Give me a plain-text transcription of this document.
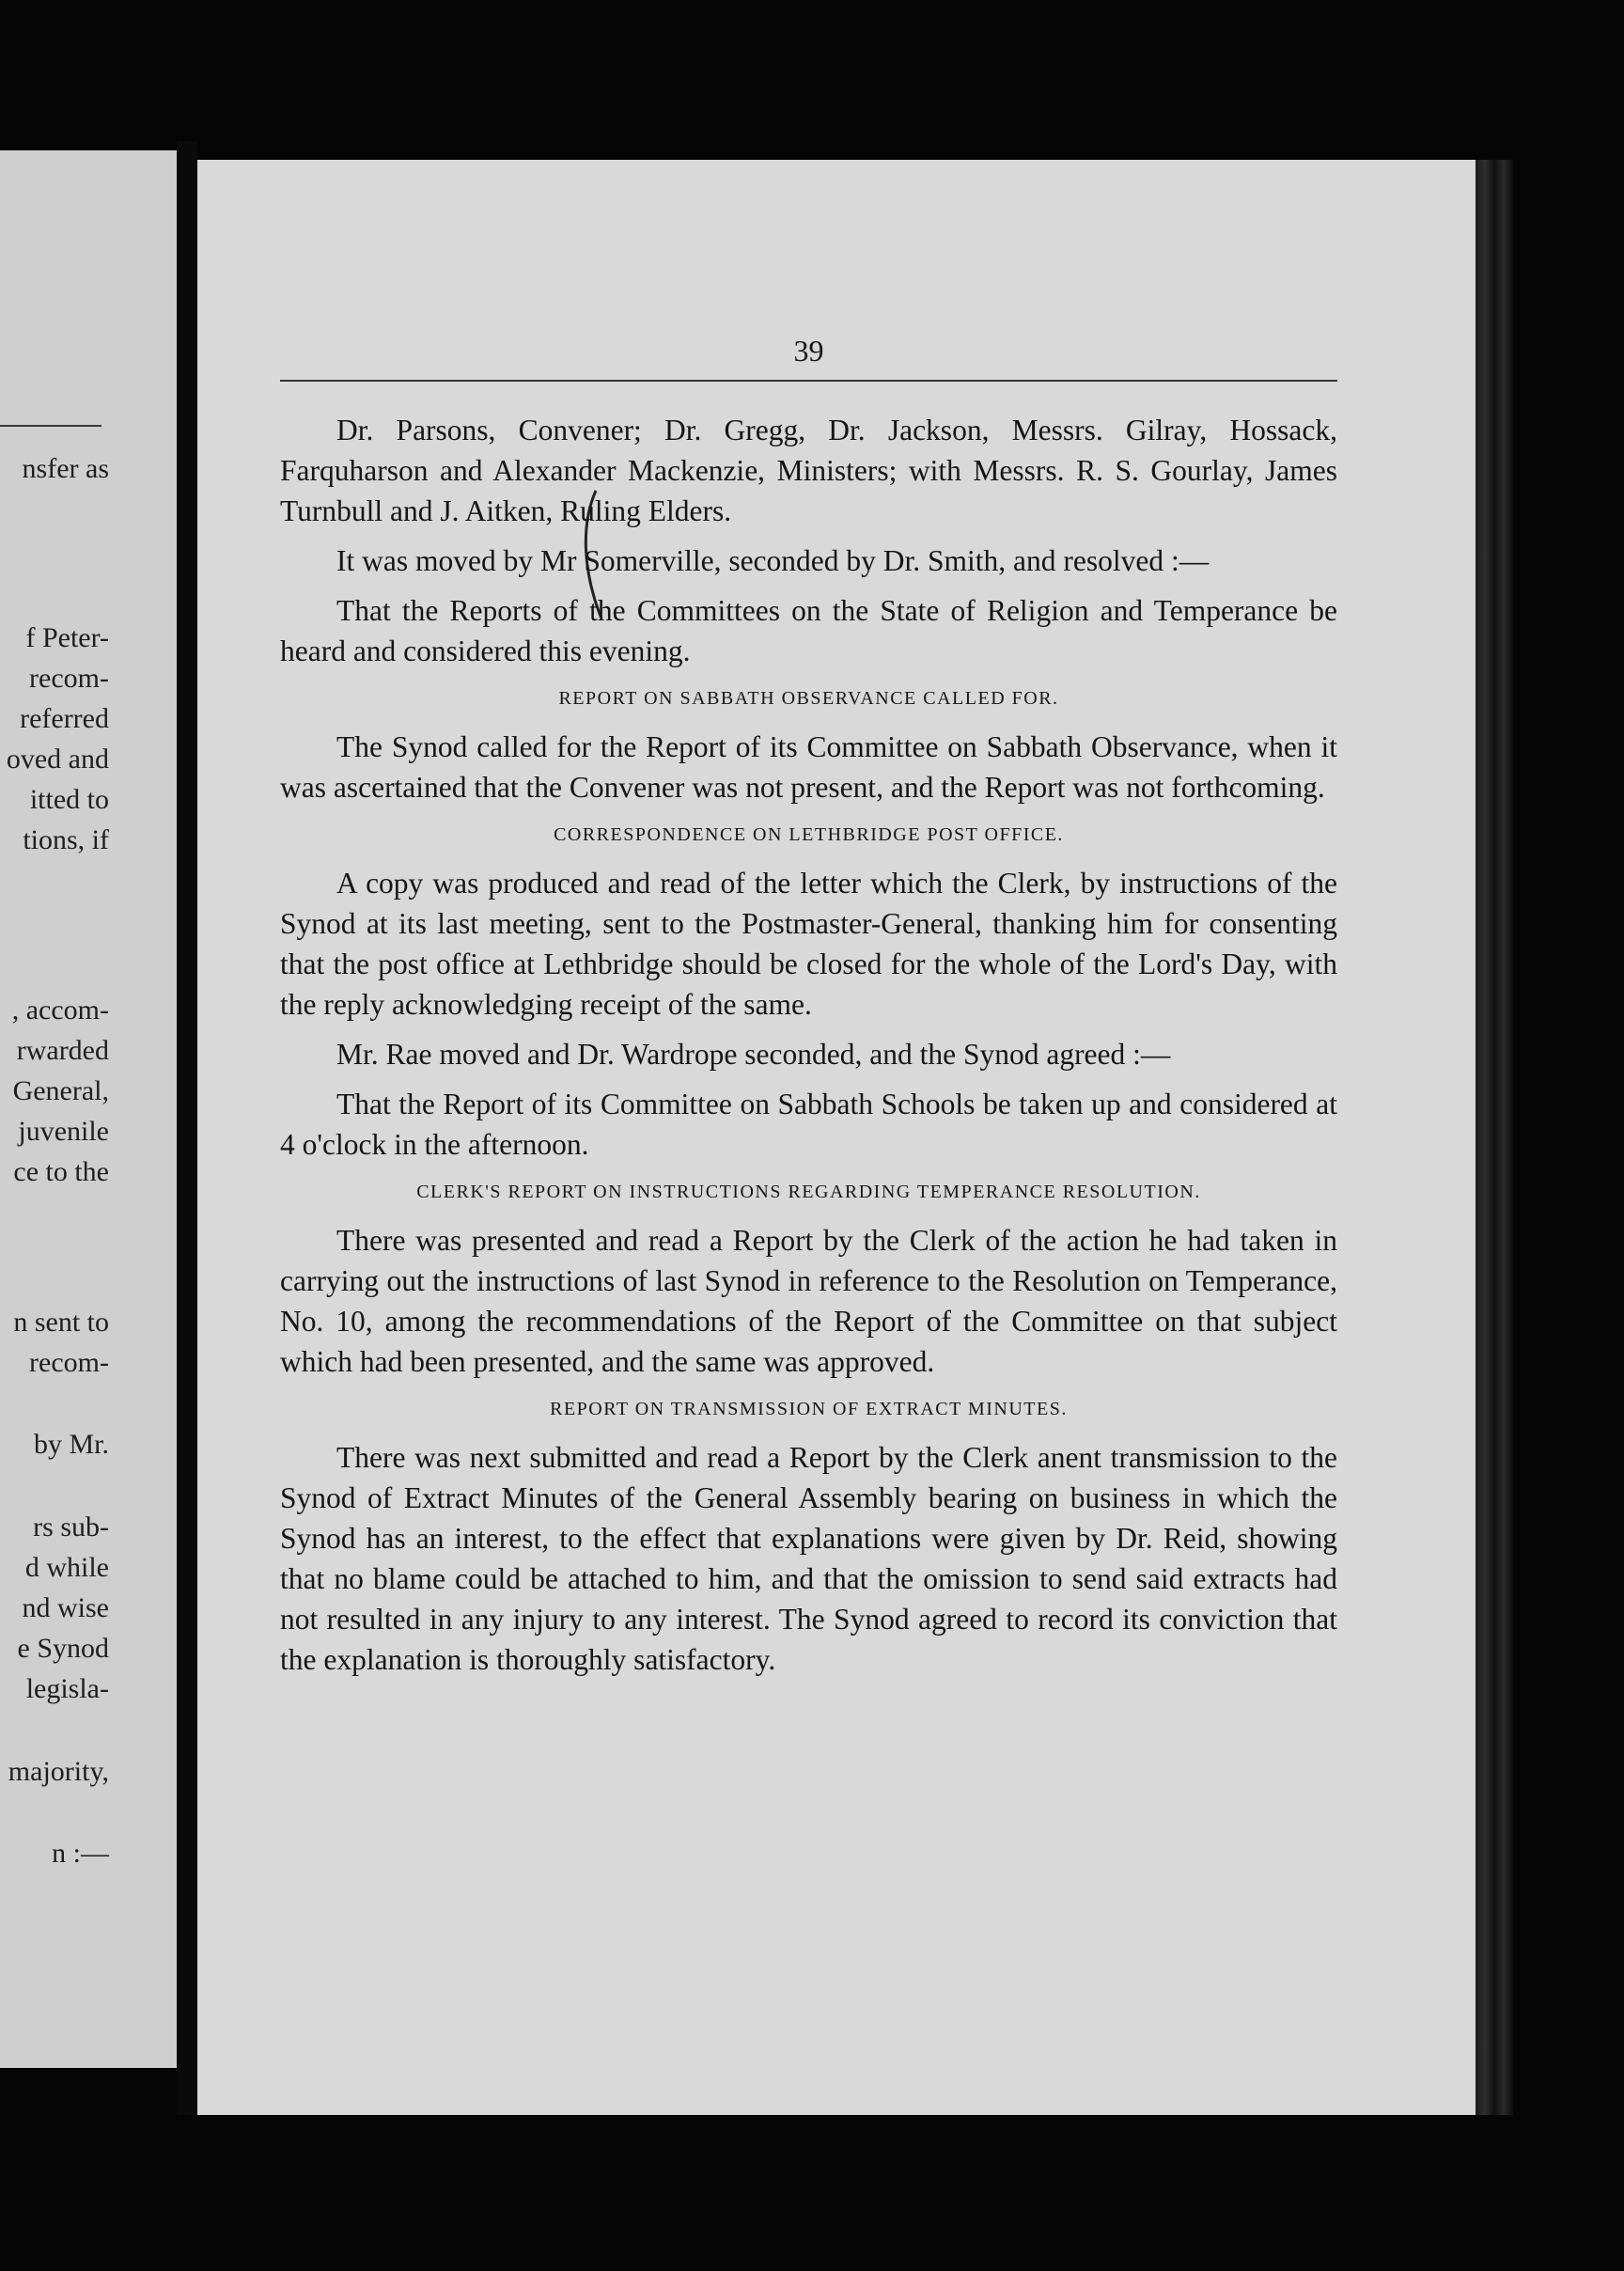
nsfer as
f Peter-
recom-
referred
oved and
itted to
tions, if
, accom-
rwarded
General,
juvenile
ce to the
n sent to
recom-
by Mr.
rs sub-
d while
nd wise
e Synod
legisla-
majority,
n :—
39

Dr. Parsons, Convener; Dr. Gregg, Dr. Jackson, Messrs. Gilray, Hossack, Farquharson and Alexander Mackenzie, Ministers; with Messrs. R. S. Gourlay, James Turnbull and J. Aitken, Ruling Elders.

It was moved by Mr Somerville, seconded by Dr. Smith, and resolved :—

That the Reports of the Committees on the State of Religion and Temperance be heard and considered this evening.

REPORT ON SABBATH OBSERVANCE CALLED FOR.

The Synod called for the Report of its Committee on Sabbath Observance, when it was ascertained that the Convener was not present, and the Report was not forthcoming.

CORRESPONDENCE ON LETHBRIDGE POST OFFICE.

A copy was produced and read of the letter which the Clerk, by instructions of the Synod at its last meeting, sent to the Postmaster-General, thanking him for consenting that the post office at Lethbridge should be closed for the whole of the Lord's Day, with the reply acknowledging receipt of the same.

Mr. Rae moved and Dr. Wardrope seconded, and the Synod agreed :—

That the Report of its Committee on Sabbath Schools be taken up and considered at 4 o'clock in the afternoon.

CLERK'S REPORT ON INSTRUCTIONS REGARDING TEMPERANCE RESOLUTION.

There was presented and read a Report by the Clerk of the action he had taken in carrying out the instructions of last Synod in reference to the Resolution on Temperance, No. 10, among the recommendations of the Report of the Committee on that subject which had been presented, and the same was approved.

REPORT ON TRANSMISSION OF EXTRACT MINUTES.

There was next submitted and read a Report by the Clerk anent transmission to the Synod of Extract Minutes of the General Assembly bearing on business in which the Synod has an interest, to the effect that explanations were given by Dr. Reid, showing that no blame could be attached to him, and that the omission to send said extracts had not resulted in any injury to any interest. The Synod agreed to record its conviction that the explanation is thoroughly satisfactory.
